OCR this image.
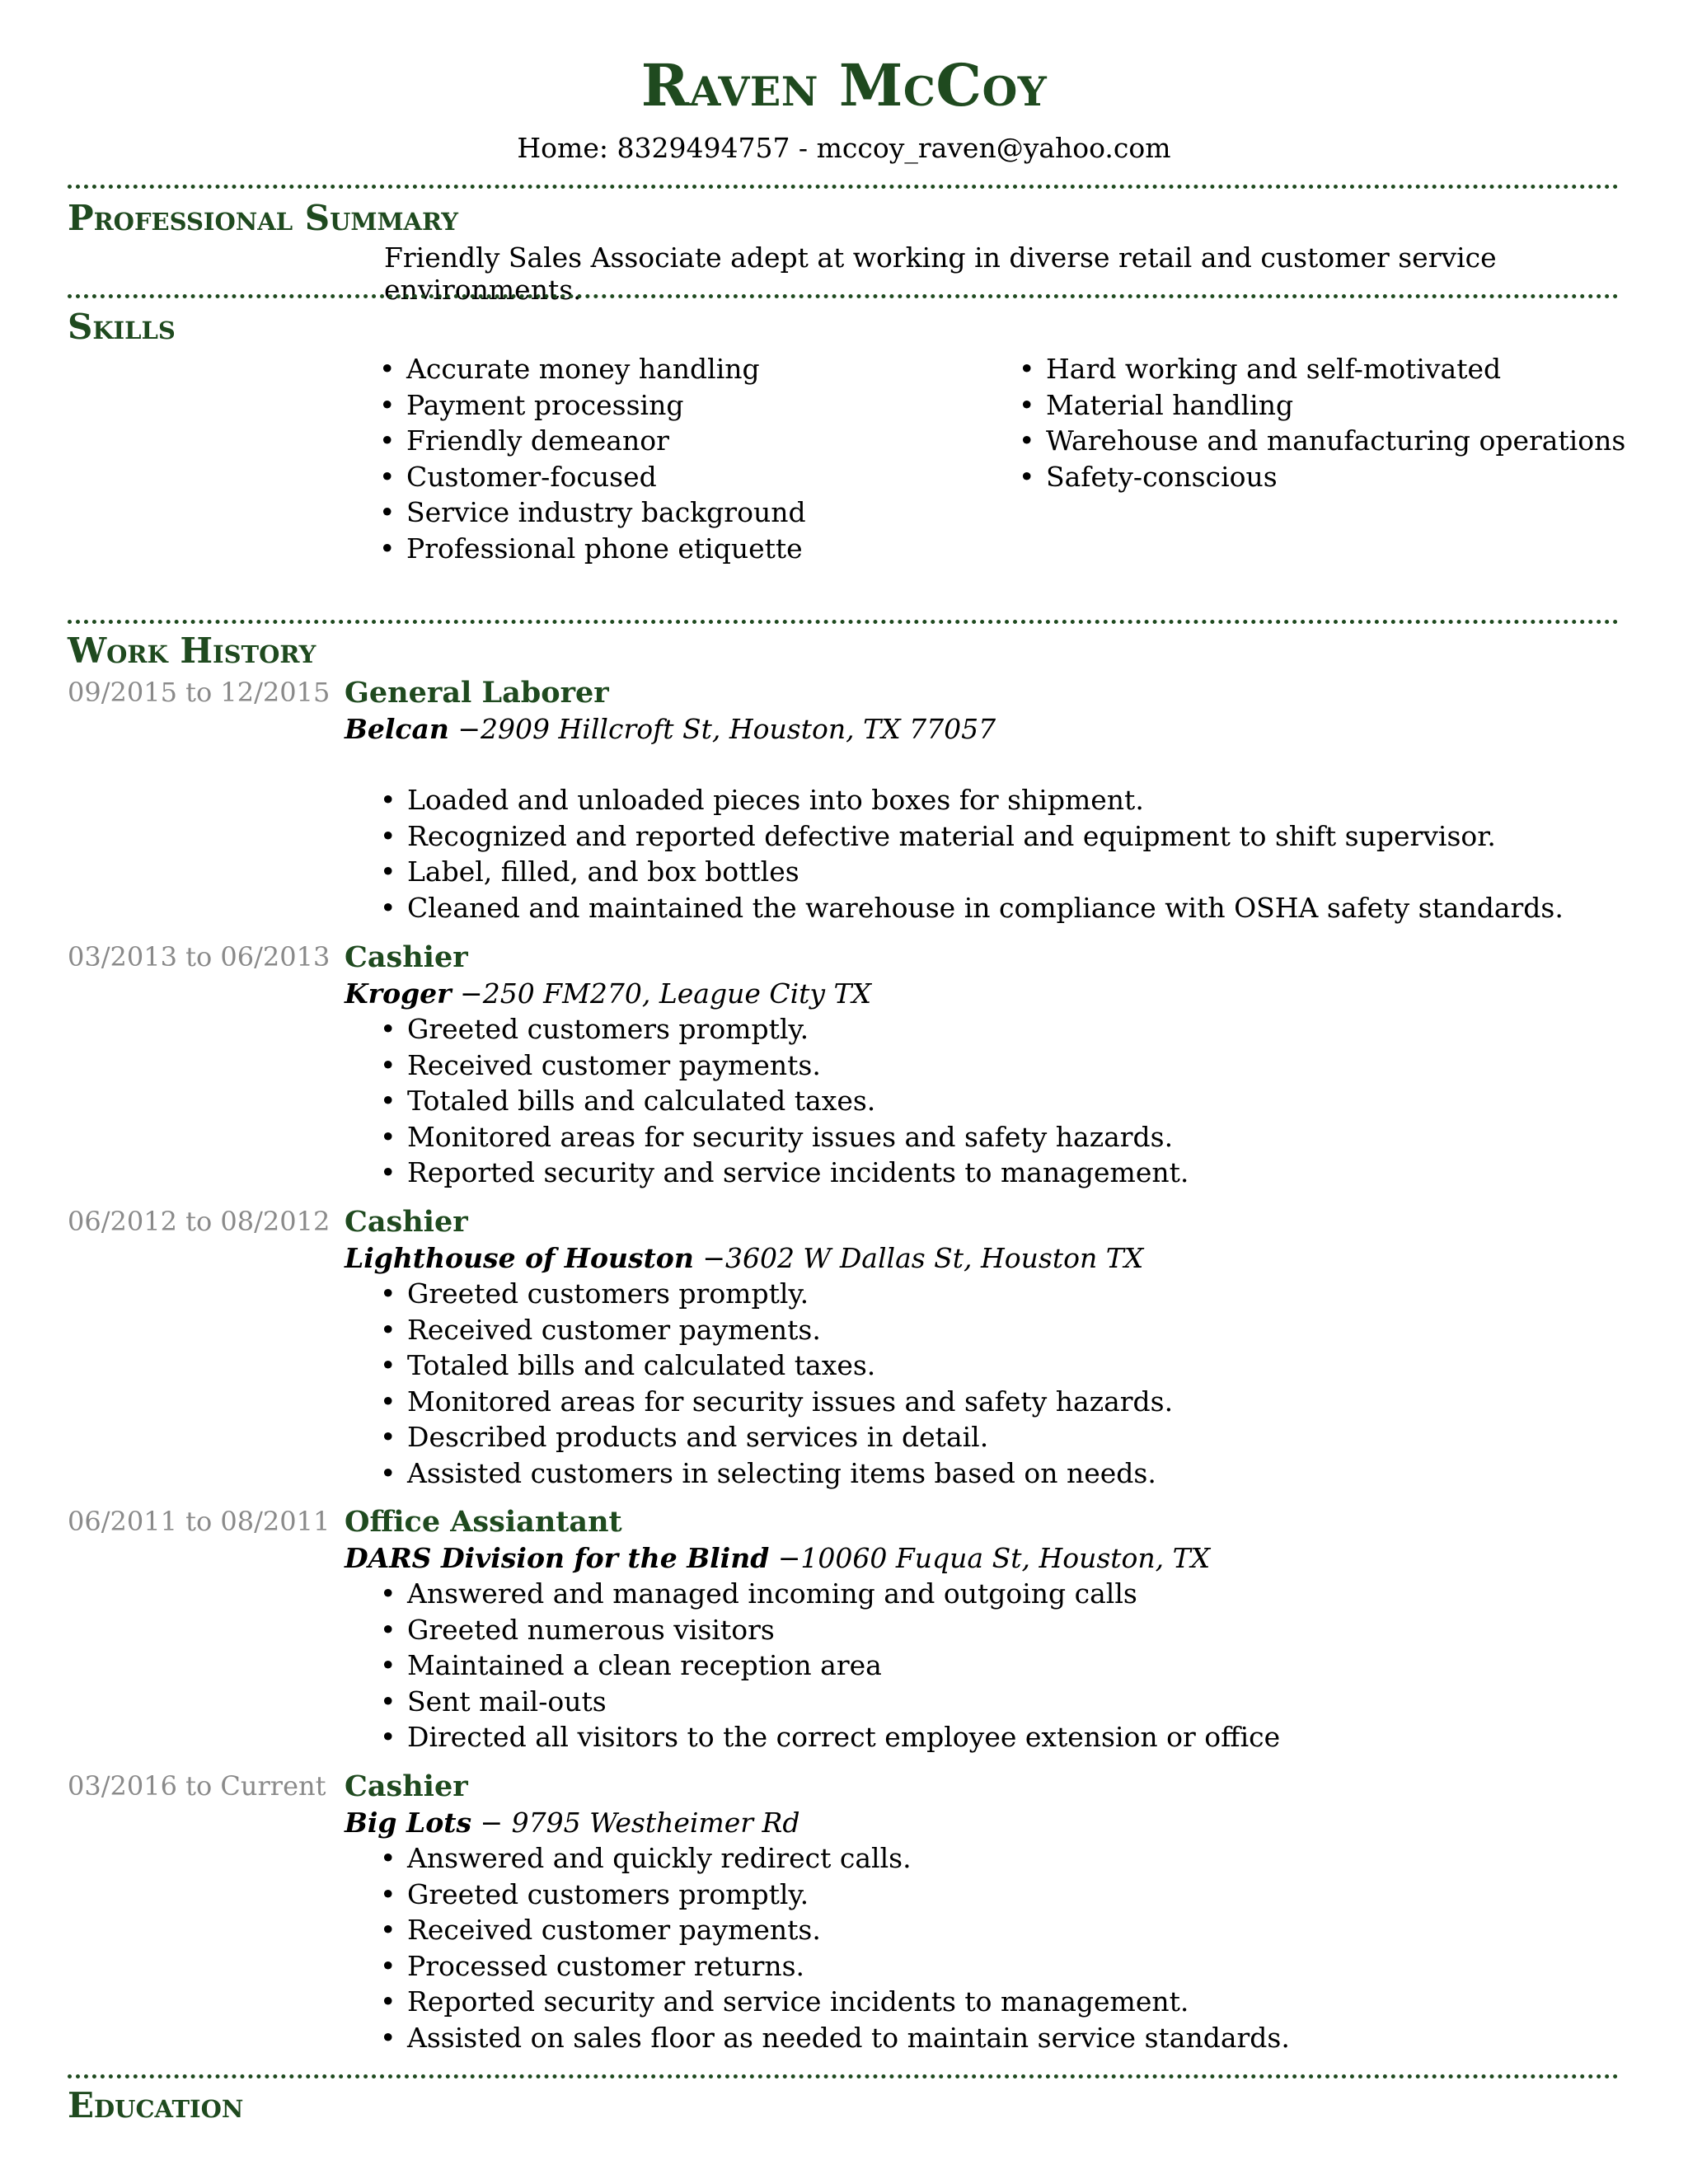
Raven McCoy
Home: 8329494757 - mccoy_raven@yahoo.com
Professional Summary
Friendly Sales Associate adept at working in diverse retail and customer service environments.
Skills
• Accurate money handling
• Payment processing
• Friendly demeanor
• Customer-focused
• Service industry background
• Professional phone etiquette
• Hard working and self-motivated
• Material handling
• Warehouse and manufacturing operations
• Safety-conscious
Work History
09/2015 to 12/2015 General Laborer
Belcan −2909 Hillcroft St, Houston, TX 77057
• Loaded and unloaded pieces into boxes for shipment.
• Recognized and reported defective material and equipment to shift supervisor.
• Label, filled, and box bottles
• Cleaned and maintained the warehouse in compliance with OSHA safety standards.
03/2013 to 06/2013 Cashier
Kroger −250 FM270, League City TX
• Greeted customers promptly.
• Received customer payments.
• Totaled bills and calculated taxes.
• Monitored areas for security issues and safety hazards.
• Reported security and service incidents to management.
06/2012 to 08/2012 Cashier
Lighthouse of Houston −3602 W Dallas St, Houston TX
• Greeted customers promptly.
• Received customer payments.
• Totaled bills and calculated taxes.
• Monitored areas for security issues and safety hazards.
• Described products and services in detail.
• Assisted customers in selecting items based on needs.
06/2011 to 08/2011 Office Assiantant
DARS Division for the Blind −10060 Fuqua St, Houston, TX
• Answered and managed incoming and outgoing calls
• Greeted numerous visitors
• Maintained a clean reception area
• Sent mail-outs
• Directed all visitors to the correct employee extension or office
03/2016 to Current Cashier
Big Lots − 9795 Westheimer Rd
• Answered and quickly redirect calls.
• Greeted customers promptly.
• Received customer payments.
• Processed customer returns.
• Reported security and service incidents to management.
• Assisted on sales floor as needed to maintain service standards.
Education
